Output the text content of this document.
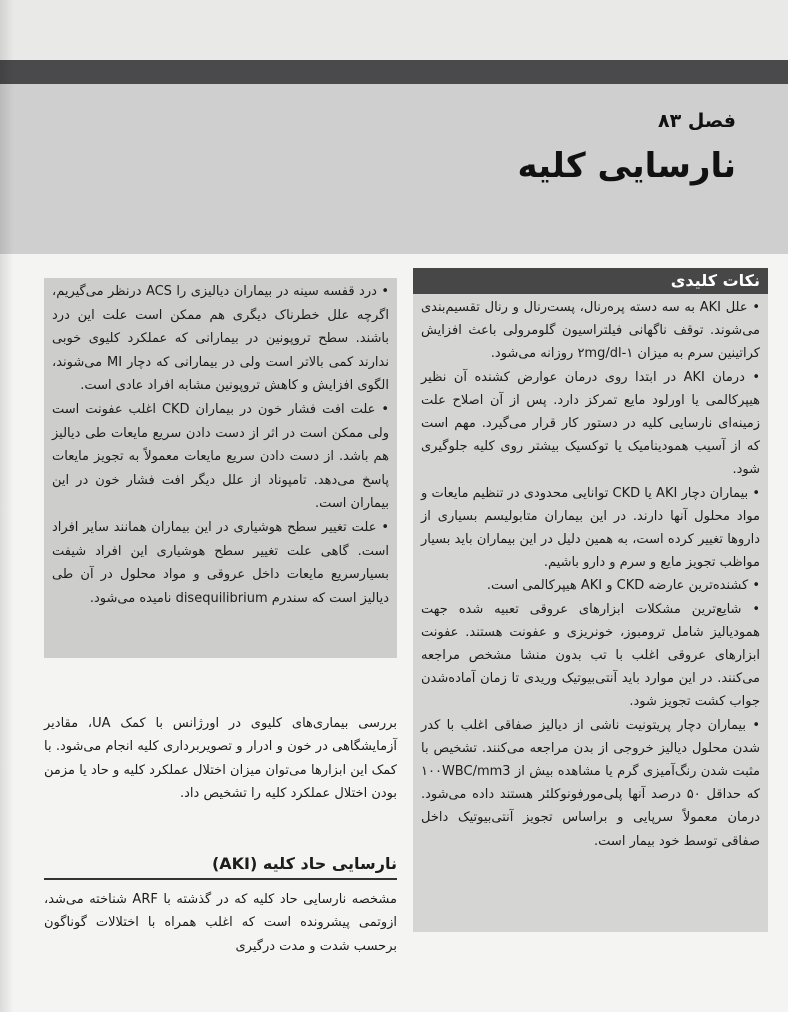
فصل ۸۳
نارسایی کلیه
نکات کلیدی

• علل AKI به سه دسته پره‌رنال، پست‌رنال و رنال تقسیم‌بندی می‌شوند. توقف ناگهانی فیلتراسیون گلومرولی باعث افزایش کراتینین سرم به میزان ۱-۲mg/dl روزانه می‌شود.

• درمان AKI در ابتدا روی درمان عوارض کشنده آن نظیر هیپرکالمی یا اورلود مایع تمرکز دارد. پس از آن اصلاح علت زمینه‌ای نارسایی کلیه در دستور کار قرار می‌گیرد. مهم است که از آسیب همودینامیک یا توکسیک بیشتر روی کلیه جلوگیری شود.

• بیماران دچار AKI یا CKD توانایی محدودی در تنظیم مایعات و مواد محلول آنها دارند. در این بیماران متابولیسم بسیاری از داروها تغییر کرده است، به همین دلیل در این بیماران باید بسیار مواظب تجویز مایع و سرم و دارو باشیم.

• کشنده‌ترین عارضه CKD و AKI هیپرکالمی است.

• شایع‌ترین مشکلات ابزارهای عروقی تعبیه شده جهت همودیالیز شامل ترومبوز، خونریزی و عفونت هستند. عفونت ابزارهای عروقی اغلب با تب بدون منشا مشخص مراجعه می‌کنند. در این موارد باید آنتی‌بیوتیک وریدی تا زمان آماده‌شدن جواب کشت تجویز شود.

• بیماران دچار پریتونیت ناشی از دیالیز صفاقی اغلب با کدر شدن محلول دیالیز خروجی از بدن مراجعه می‌کنند. تشخیص با مثبت شدن رنگ‌آمیزی گرم یا مشاهده بیش از ۱۰۰WBC/mm3 که حداقل ۵۰ درصد آنها پلی‌مورفونوکلئر هستند داده می‌شود. درمان معمولاً سرپایی و براساس تجویز آنتی‌بیوتیک داخل صفاقی توسط خود بیمار است.

• درد قفسه سینه در بیماران دیالیزی را ACS درنظر می‌گیریم، اگرچه علل خطرناک دیگری هم ممکن است علت این درد باشند. سطح تروپونین در بیمارانی که عملکرد کلیوی خوبی ندارند کمی بالاتر است ولی در بیمارانی که دچار MI می‌شوند، الگوی افزایش و کاهش تروپونین مشابه افراد عادی است.

• علت افت فشار خون در بیماران CKD اغلب عفونت است ولی ممکن است در اثر از دست دادن سریع مایعات طی دیالیز هم باشد. از دست دادن سریع مایعات معمولاً به تجویز مایعات پاسخ می‌دهد. تامپوناد از علل دیگر افت فشار خون در این بیماران است.

• علت تغییر سطح هوشیاری در این بیماران همانند سایر افراد است. گاهی علت تغییر سطح هوشیاری این افراد شیفت بسیارسریع مایعات داخل عروقی و مواد محلول در آن طی دیالیز است که سندرم disequilibrium نامیده می‌شود.

بررسی بیماری‌های کلیوی در اورژانس با کمک UA، مقادیر آزمایشگاهی در خون و ادرار و تصویربرداری کلیه انجام می‌شود. با کمک این ابزارها می‌توان میزان اختلال عملکرد کلیه و حاد یا مزمن بودن اختلال عملکرد کلیه را تشخیص داد.

نارسایی حاد کلیه (AKI)

مشخصه نارسایی حاد کلیه که در گذشته با ARF شناخته می‌شد، ازوتمی پیشرونده است که اغلب همراه با اختلالات گوناگون برحسب شدت و مدت درگیری
